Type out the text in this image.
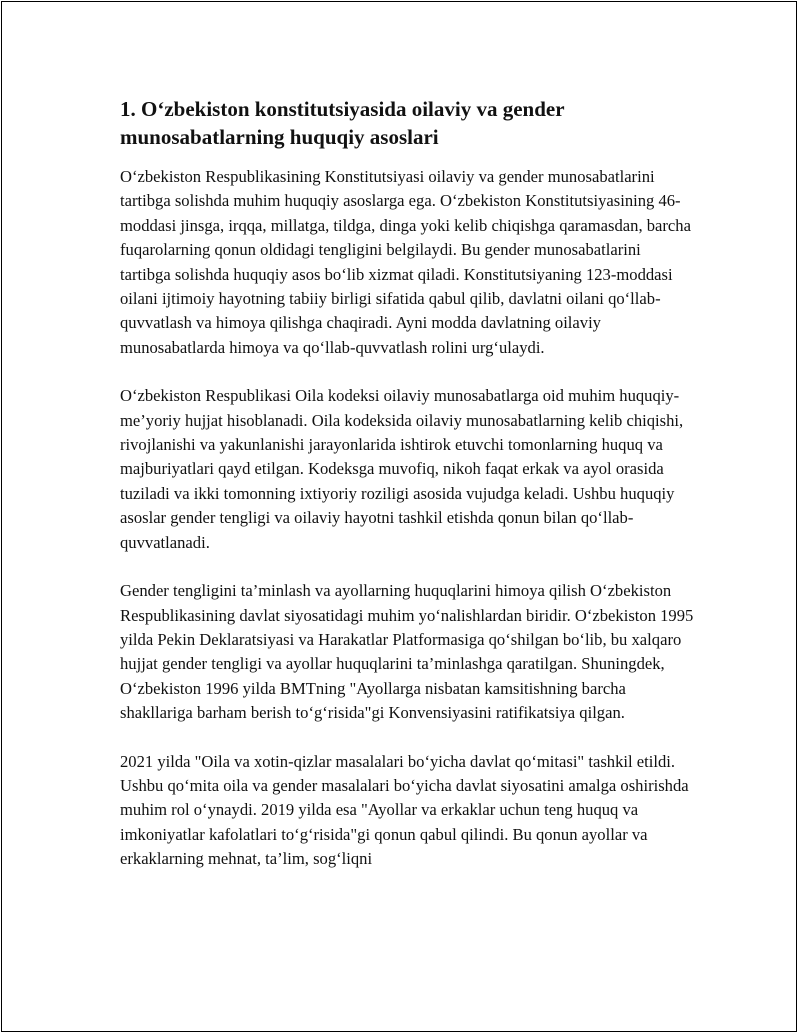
1. O‘zbekiston konstitutsiyasida oilaviy va gender munosabatlarning huquqiy asoslari

O‘zbekiston Respublikasining Konstitutsiyasi oilaviy va gender munosabatlarini tartibga solishda muhim huquqiy asoslarga ega. O‘zbekiston Konstitutsiyasining 46-moddasi jinsga, irqqa, millatga, tildga, dinga yoki kelib chiqishga qaramasdan, barcha fuqarolarning qonun oldidagi tengligini belgilaydi. Bu gender munosabatlarini tartibga solishda huquqiy asos bo‘lib xizmat qiladi. Konstitutsiyaning 123-moddasi oilani ijtimoiy hayotning tabiiy birligi sifatida qabul qilib, davlatni oilani qo‘llab-quvvatlash va himoya qilishga chaqiradi. Ayni modda davlatning oilaviy munosabatlarda himoya va qo‘llab-quvvatlash rolini urg‘ulaydi.

O‘zbekiston Respublikasi Oila kodeksi oilaviy munosabatlarga oid muhim huquqiy-me’yoriy hujjat hisoblanadi. Oila kodeksida oilaviy munosabatlarning kelib chiqishi, rivojlanishi va yakunlanishi jarayonlarida ishtirok etuvchi tomonlarning huquq va majburiyatlari qayd etilgan. Kodeksga muvofiq, nikoh faqat erkak va ayol orasida tuziladi va ikki tomonning ixtiyoriy roziligi asosida vujudga keladi. Ushbu huquqiy asoslar gender tengligi va oilaviy hayotni tashkil etishda qonun bilan qo‘llab-quvvatlanadi.

Gender tengligini ta’minlash va ayollarning huquqlarini himoya qilish O‘zbekiston Respublikasining davlat siyosatidagi muhim yo‘nalishlardan biridir. O‘zbekiston 1995 yilda Pekin Deklaratsiyasi va Harakatlar Platformasiga qo‘shilgan bo‘lib, bu xalqaro hujjat gender tengligi va ayollar huquqlarini ta’minlashga qaratilgan. Shuningdek, O‘zbekiston 1996 yilda BMTning "Ayollarga nisbatan kamsitishning barcha shakllariga barham berish to‘g‘risida"gi Konvensiyasini ratifikatsiya qilgan.

2021 yilda "Oila va xotin-qizlar masalalari bo‘yicha davlat qo‘mitasi" tashkil etildi. Ushbu qo‘mita oila va gender masalalari bo‘yicha davlat siyosatini amalga oshirishda muhim rol o‘ynaydi. 2019 yilda esa "Ayollar va erkaklar uchun teng huquq va imkoniyatlar kafolatlari to‘g‘risida"gi qonun qabul qilindi. Bu qonun ayollar va erkaklarning mehnat, ta’lim, sog‘liqni
